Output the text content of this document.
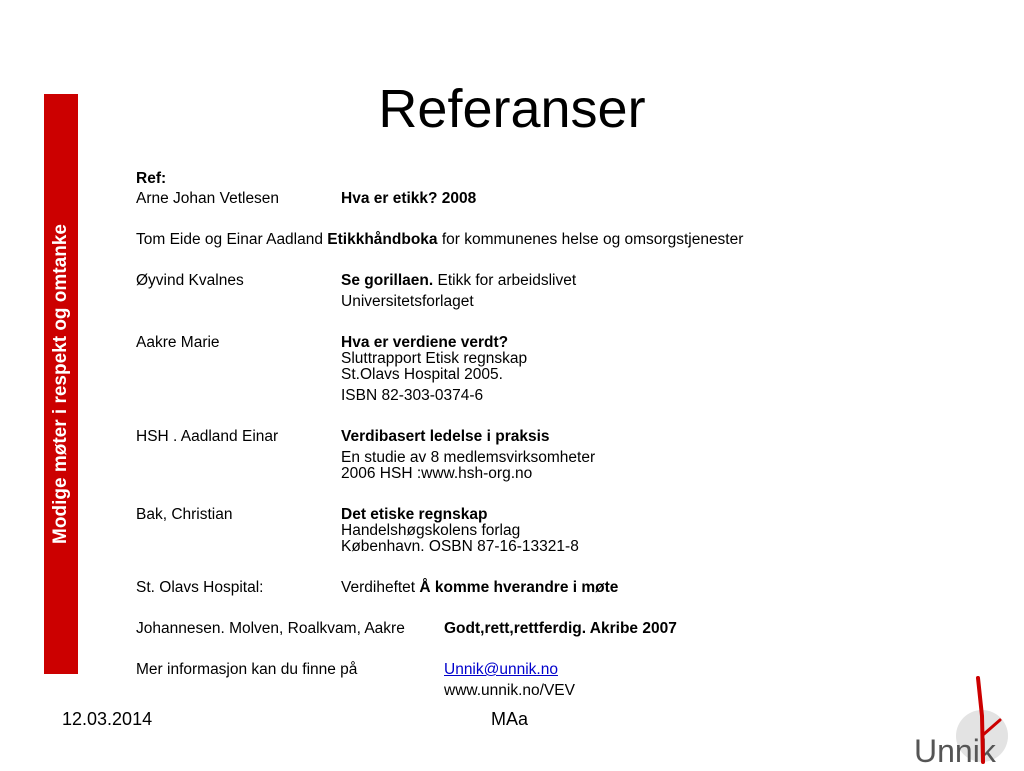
Modige møter i respekt og omtanke
Referanser
Ref:
Arne Johan Vetlesen	Hva er etikk? 2008
Tom Eide og Einar Aadland Etikkhåndboka for kommunenes helse og omsorgstjenester
Øyvind Kvalnes	Se gorillaen. Etikk for arbeidslivet
Universitetsforlaget
Aakre Marie	Hva er verdiene verdt?
Sluttrapport Etisk regnskap
St.Olavs Hospital 2005.
ISBN 82-303-0374-6
HSH . Aadland Einar	Verdibasert ledelse i praksis
En studie av 8 medlemsvirksomheter
2006 HSH :www.hsh-org.no
Bak, Christian	Det etiske regnskap
Handelshøgskolens forlag
København. OSBN 87-16-13321-8
St. Olavs Hospital:	Verdiheftet Å komme hverandre i møte
Johannesen. Molven, Roalkvam, Aakre	Godt,rett,rettferdig. Akribe 2007
Mer informasjon kan du finne på	Unnik@unnik.no
www.unnik.no/VEV
12.03.2014	MAa
Unnik
